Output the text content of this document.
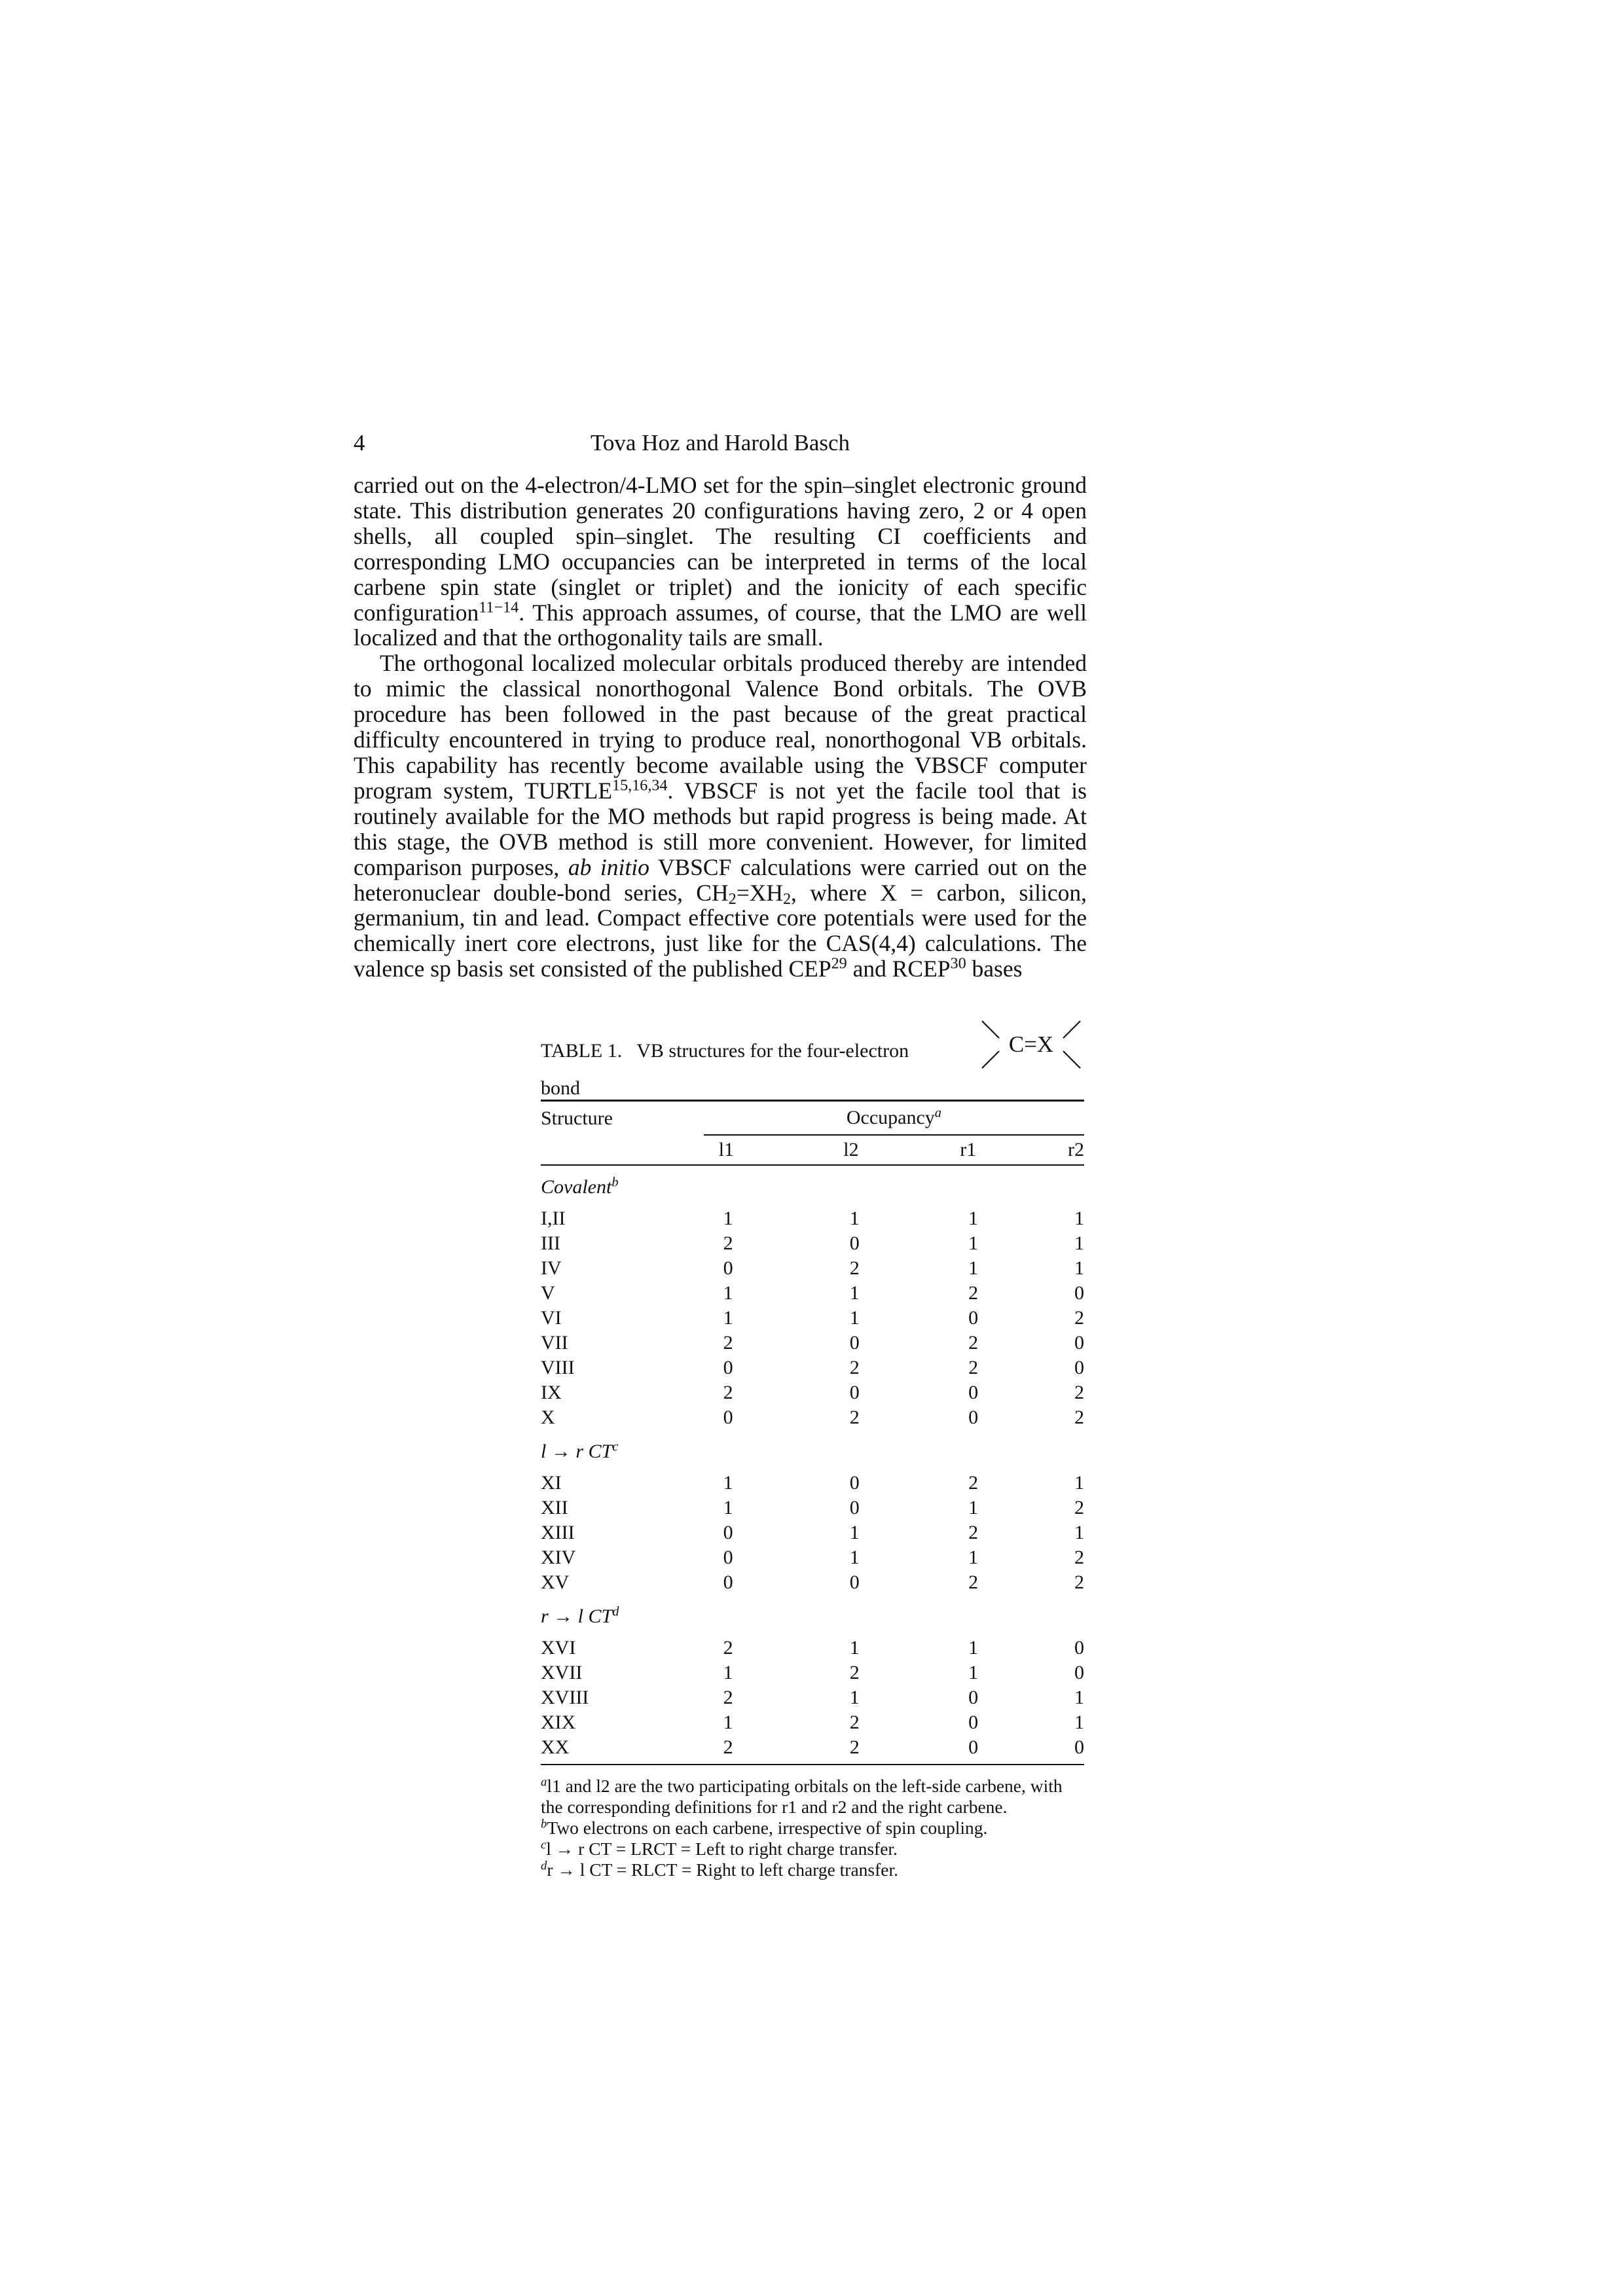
4	Tova Hoz and Harold Basch

carried out on the 4-electron/4-LMO set for the spin–singlet electronic ground state. This distribution generates 20 configurations having zero, 2 or 4 open shells, all coupled spin–singlet. The resulting CI coefficients and corresponding LMO occupancies can be interpreted in terms of the local carbene spin state (singlet or triplet) and the ionicity of each specific configuration$^{11-14}$. This approach assumes, of course, that the LMO are well localized and that the orthogonality tails are small.

The orthogonal localized molecular orbitals produced thereby are intended to mimic the classical nonorthogonal Valence Bond orbitals. The OVB procedure has been followed in the past because of the great practical difficulty encountered in trying to produce real, nonorthogonal VB orbitals. This capability has recently become available using the VBSCF computer program system, TURTLE$^{15,16,34}$. VBSCF is not yet the facile tool that is routinely available for the MO methods but rapid progress is being made. At this stage, the OVB method is still more convenient. However, for limited comparison purposes, ab initio VBSCF calculations were carried out on the heteronuclear double-bond series, $CH_2=XH_2$, where X = carbon, silicon, germanium, tin and lead. Compact effective core potentials were used for the chemically inert core electrons, just like for the CAS(4,4) calculations. The valence sp basis set consisted of the published CEP$^{29}$ and RCEP$^{30}$ bases

TABLE 1. VB structures for the four-electron	C=X
bond
Structure	Occupancy$^a$
	l1		l2		r1		r2
Covalent$^b$
I,II	1		1		1		1
III	2		0		1		1
IV	0		2		1		1
V	1		1		2		0
VI	1		1		0		2
VII	2		0		2		0
VIII	0		2		2		0
IX	2		0		0		2
X	0		2		0		2
l → r $CT^c$
XI	1		0		2		1
XII	1		0		1		2
XIII	0		1		2		1
XIV	0		1		1		2
XV	0		0		2		2
r → l $CT^d$
XVI	2		1		1		0
XVII	1		2		1		0
XVIII	2		1		0		1
XIX	1		2		0		1
XX	2		2		0		0
$^a$l1 and l2 are the two participating orbitals on the left-side carbene, with the corresponding definitions for r1 and r2 and the right carbene.
$^b$Two electrons on each carbene, irrespective of spin coupling.
$^c$l → r CT = LRCT = Left to right charge transfer.
$^d$r → l CT = RLCT = Right to left charge transfer.
